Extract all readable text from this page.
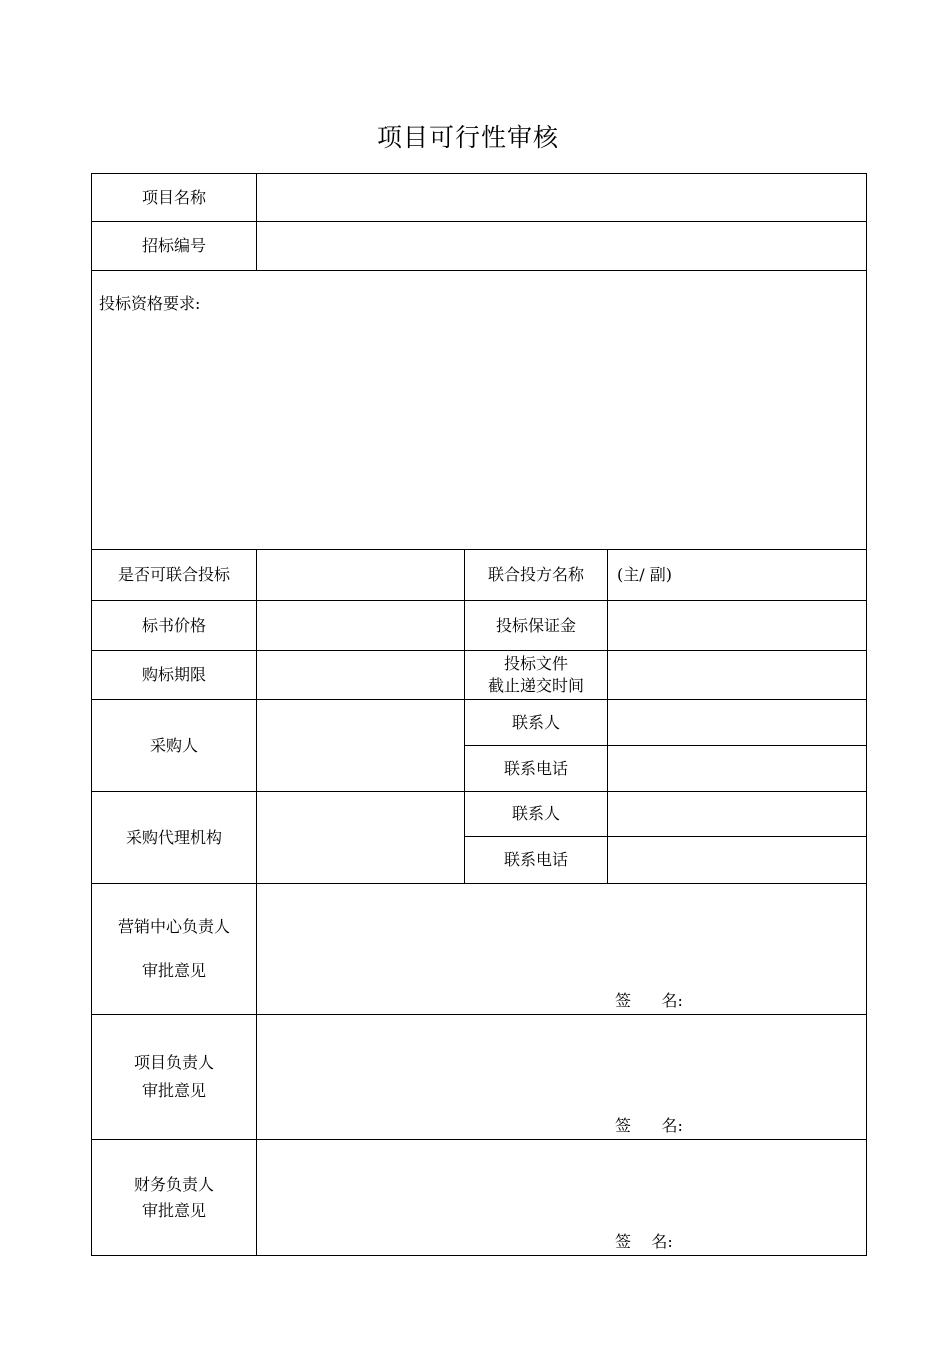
项目可行性审核
项目名称			
招标编号			

投标资格要求:			

是否可联合投标		联合投方名称	(主/ 副)
标书价格		投标保证金	
购标期限		投标文件
截止递交时间	

采购人		联系人	
		联系电话	
采购代理机构		联系人	
		联系电话	

营销中心负责人
审批意见	签      名:		

项目负责人
审批意见	签      名:		

财务负责人
审批意见	签    名:		
